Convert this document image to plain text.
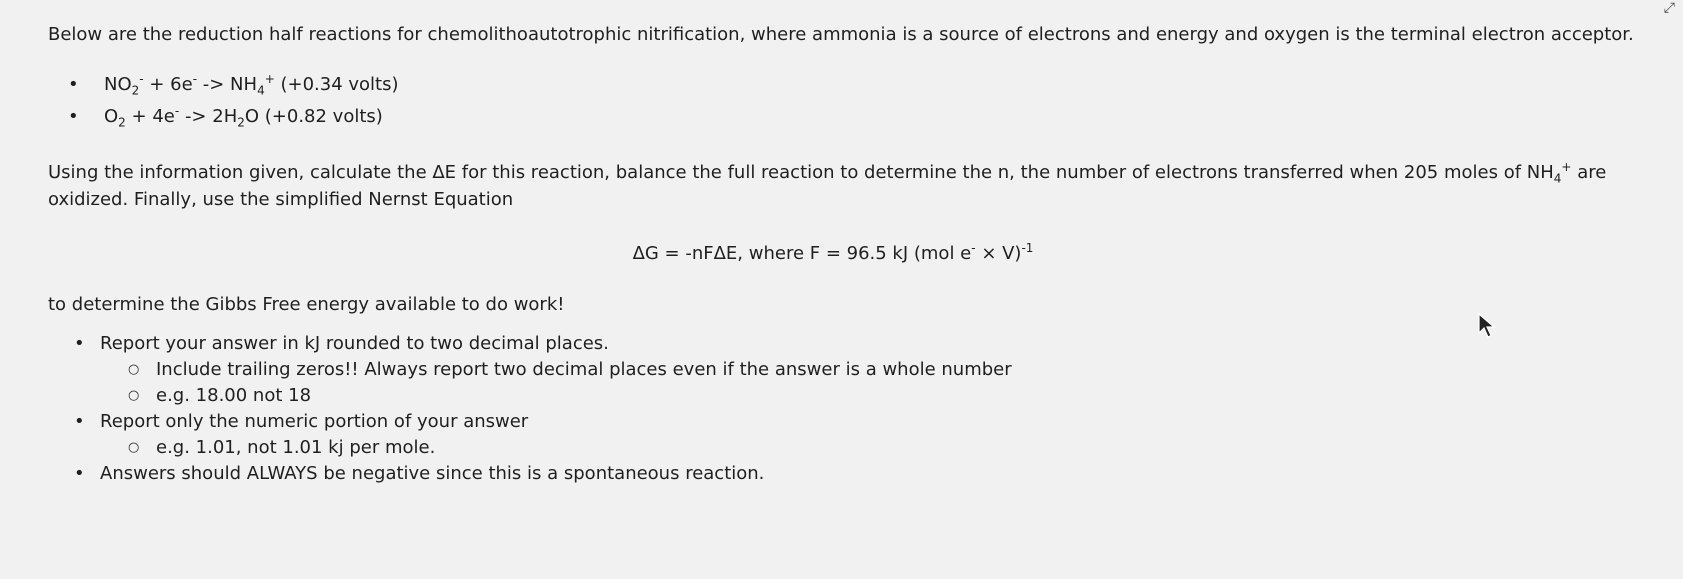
Below are the reduction half reactions for chemolithoautotrophic nitrification, where ammonia is a source of electrons and energy and oxygen is the terminal electron acceptor.

• $NO_2^- + 6e^- -> NH_4^+$ (+0.34 volts)
• $O_2 + 4e^- -> 2H_2O$ (+0.82 volts)

Using the information given, calculate the ΔE for this reaction, balance the full reaction to determine the n, the number of electrons transferred when 205 moles of $NH_4^+$ are oxidized. Finally, use the simplified Nernst Equation

ΔG = -nFΔE, where F = 96.5 kJ (mol e- × V)$^{-1}$

to determine the Gibbs Free energy available to do work!

• Report your answer in kJ rounded to two decimal places.
○ Include trailing zeros!! Always report two decimal places even if the answer is a whole number
○ e.g. 18.00 not 18
• Report only the numeric portion of your answer
○ e.g. 1.01, not 1.01 kj per mole.
• Answers should ALWAYS be negative since this is a spontaneous reaction.
⤢
